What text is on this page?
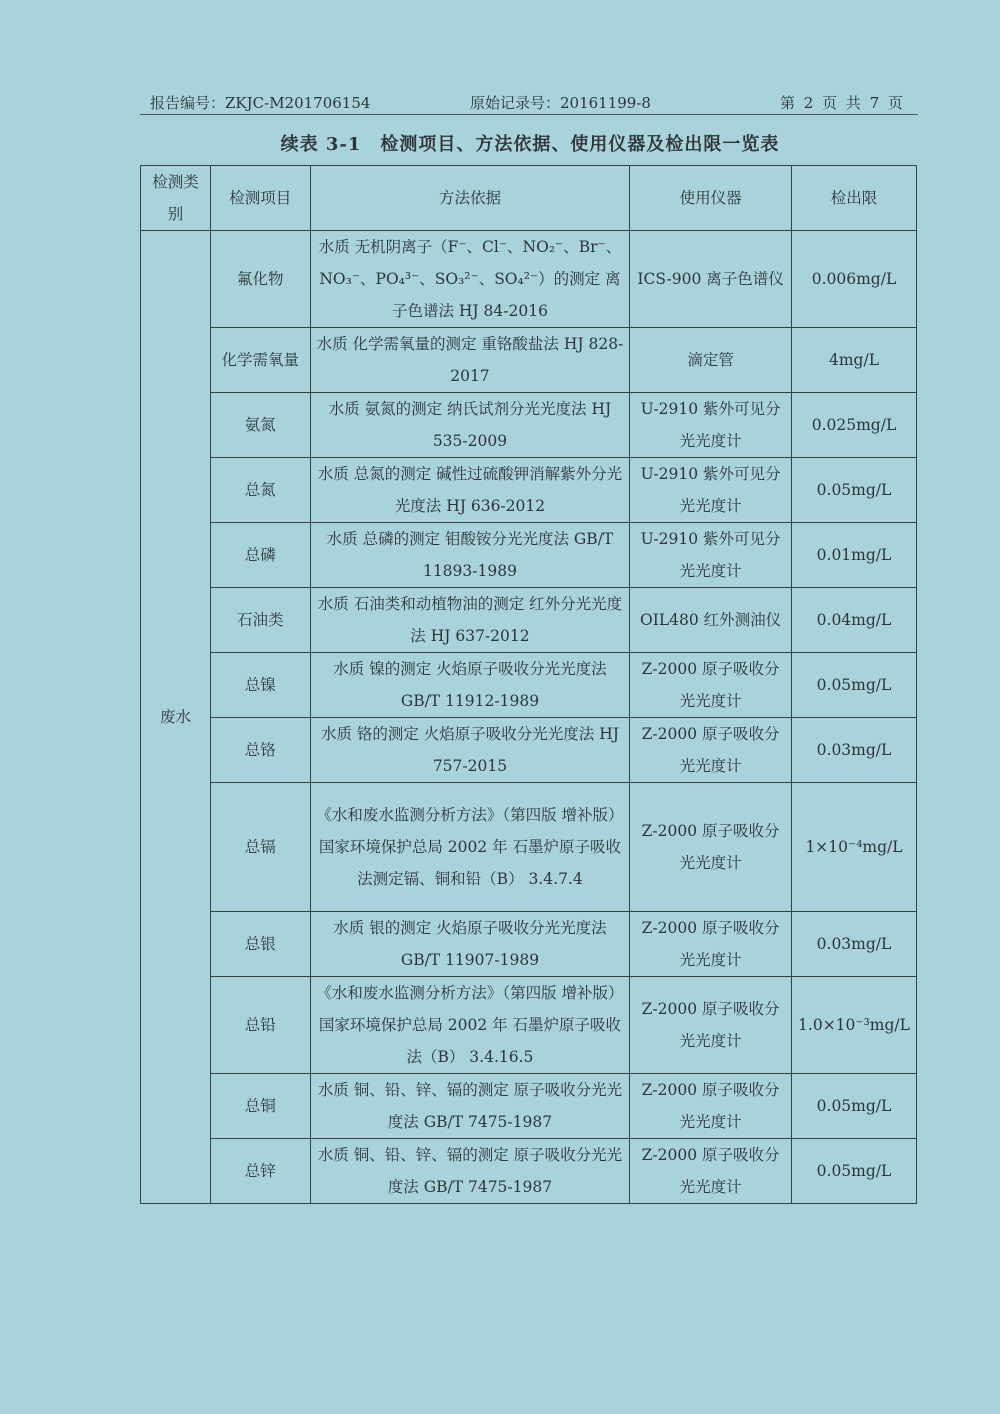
报告编号：ZKJC-M201706154	原始记录号：20161199-8	第 2 页 共 7 页
续表 3-1　检测项目、方法依据、使用仪器及检出限一览表
检测类别	检测项目	方法依据	使用仪器	检出限
废水	氟化物	水质 无机阴离子（F⁻、Cl⁻、NO₂⁻、Br⁻、NO₃⁻、PO₄³⁻、SO₃²⁻、SO₄²⁻）的测定 离子色谱法 HJ 84-2016	ICS-900 离子色谱仪	0.006mg/L
	化学需氧量	水质 化学需氧量的测定 重铬酸盐法 HJ 828-2017	滴定管	4mg/L
	氨氮	水质 氨氮的测定 纳氏试剂分光光度法 HJ 535-2009	U-2910 紫外可见分光光度计	0.025mg/L
	总氮	水质 总氮的测定 碱性过硫酸钾消解紫外分光光度法 HJ 636-2012	U-2910 紫外可见分光光度计	0.05mg/L
	总磷	水质 总磷的测定 钼酸铵分光光度法 GB/T 11893-1989	U-2910 紫外可见分光光度计	0.01mg/L
	石油类	水质 石油类和动植物油的测定 红外分光光度法 HJ 637-2012	OIL480 红外测油仪	0.04mg/L
	总镍	水质 镍的测定 火焰原子吸收分光光度法 GB/T 11912-1989	Z-2000 原子吸收分光光度计	0.05mg/L
	总铬	水质 铬的测定 火焰原子吸收分光光度法 HJ 757-2015	Z-2000 原子吸收分光光度计	0.03mg/L
	总镉	《水和废水监测分析方法》（第四版 增补版）国家环境保护总局 2002 年 石墨炉原子吸收法测定镉、铜和铅（B） 3.4.7.4	Z-2000 原子吸收分光光度计	1×10⁻⁴mg/L
	总银	水质 银的测定 火焰原子吸收分光光度法 GB/T 11907-1989	Z-2000 原子吸收分光光度计	0.03mg/L
	总铅	《水和废水监测分析方法》（第四版 增补版）国家环境保护总局 2002 年 石墨炉原子吸收法（B） 3.4.16.5	Z-2000 原子吸收分光光度计	1.0×10⁻³mg/L
	总铜	水质 铜、铅、锌、镉的测定 原子吸收分光光度法 GB/T 7475-1987	Z-2000 原子吸收分光光度计	0.05mg/L
	总锌	水质 铜、铅、锌、镉的测定 原子吸收分光光度法 GB/T 7475-1987	Z-2000 原子吸收分光光度计	0.05mg/L
